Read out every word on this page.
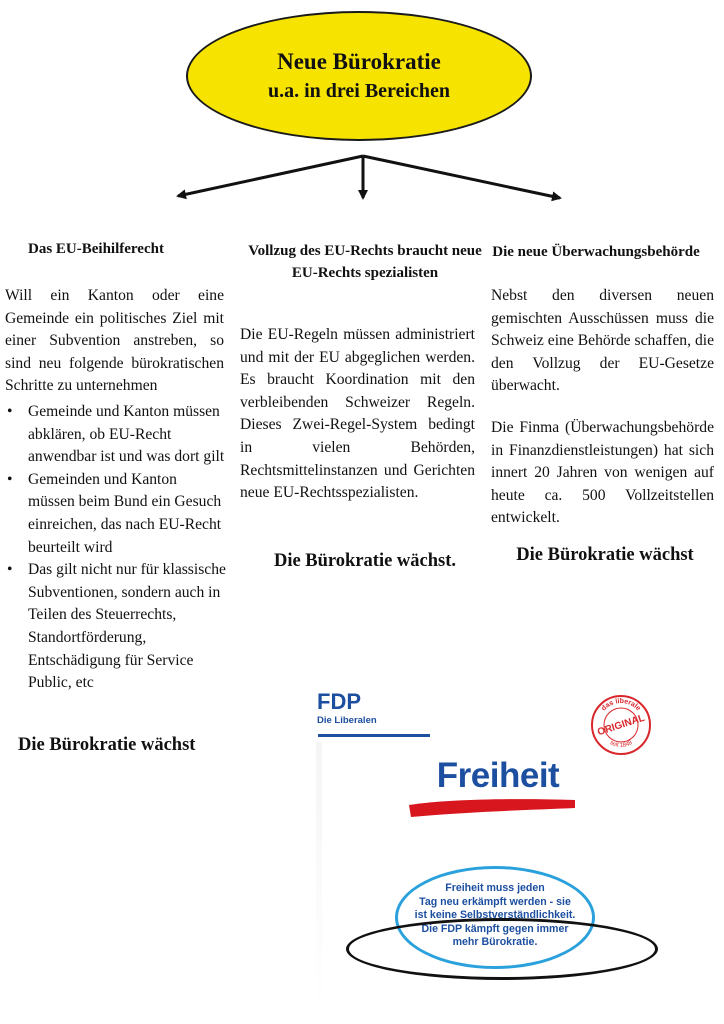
Neue Bürokratie
u.a. in drei Bereichen
Das EU-Beihilferecht
Will ein Kanton oder eine Gemeinde ein politisches Ziel mit einer Subvention anstreben, so sind neu folgende bürokratischen Schritte zu unternehmen
• Gemeinde und Kanton müssen abklären, ob EU-Recht anwendbar ist und was dort gilt
• Gemeinden und Kanton müssen beim Bund ein Gesuch einreichen, das nach EU-Recht beurteilt wird
• Das gilt nicht nur für klassische Subventionen, sondern auch in Teilen des Steuerrechts, Standortförderung, Entschädigung für Service Public, etc
Die Bürokratie wächst
Vollzug des EU-Rechts braucht neue EU-Rechts spezialisten
Die EU-Regeln müssen administriert und mit der EU abgeglichen werden. Es braucht Koordination mit den verbleibenden Schweizer Regeln. Dieses Zwei-Regel-System bedingt in vielen Behörden, Rechtsmittelinstanzen und Gerichten neue EU-Rechtsspezialisten.
Die Bürokratie wächst.
Die neue Überwachungsbehörde
Nebst den diversen neuen gemischten Ausschüssen muss die Schweiz eine Behörde schaffen, die den Vollzug der EU-Gesetze überwacht.
Die Finma (Überwachungsbehörde in Finanzdienstleistungen) hat sich innert 20 Jahren von wenigen auf heute ca. 500 Vollzeitstellen entwickelt.
Die Bürokratie wächst
FDP
Die Liberalen
das liberale
ORIGINAL
seit 1848
Freiheit
Freiheit muss jeden
Tag neu erkämpft werden - sie
ist keine Selbstverständlichkeit.
Die FDP kämpft gegen immer
mehr Bürokratie.
